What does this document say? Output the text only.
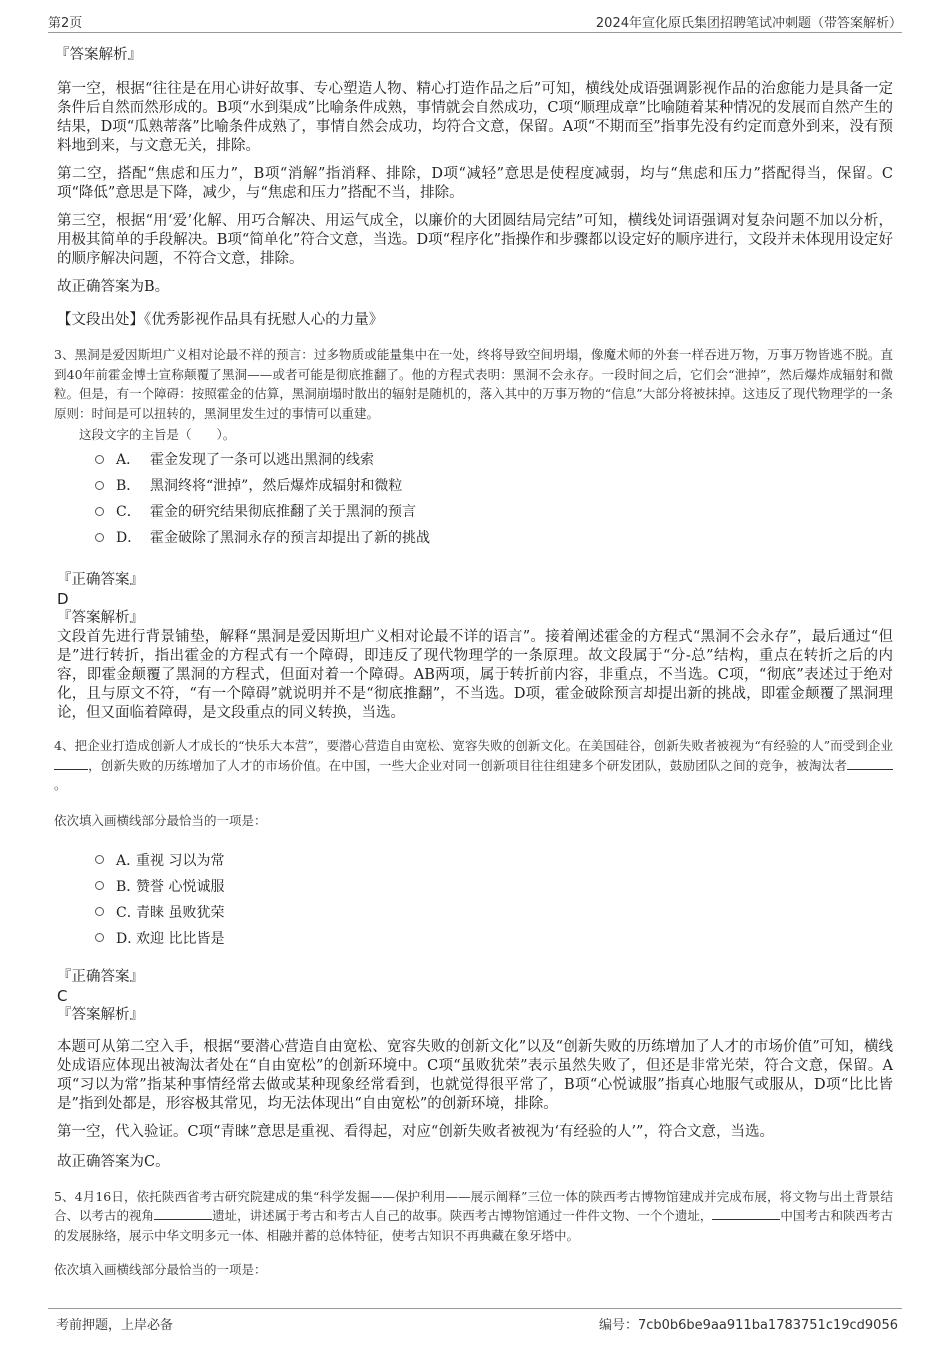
第2页	2024年宣化原氏集团招聘笔试冲刺题（带答案解析）

『答案解析』

第一空，根据“往往是在用心讲好故事、专心塑造人物、精心打造作品之后”可知，横线处成语强调影视作品的治愈能力是具备一定条件后自然而然形成的。B项“水到渠成”比喻条件成熟，事情就会自然成功，C项“顺理成章”比喻随着某种情况的发展而自然产生的结果，D项“瓜熟蒂落”比喻条件成熟了，事情自然会成功，均符合文意，保留。A项“不期而至”指事先没有约定而意外到来，没有预料地到来，与文意无关，排除。

第二空，搭配“焦虑和压力”，B项“消解”指消释、排除，D项“减轻”意思是使程度减弱，均与“焦虑和压力”搭配得当，保留。C项“降低”意思是下降，减少，与“焦虑和压力”搭配不当，排除。

第三空，根据“用‘爱’化解、用巧合解决、用运气成全，以廉价的大团圆结局完结”可知，横线处词语强调对复杂问题不加以分析，用极其简单的手段解决。B项“简单化”符合文意，当选。D项“程序化”指操作和步骤都以设定好的顺序进行，文段并未体现用设定好的顺序解决问题，不符合文意，排除。

故正确答案为B。

【文段出处】《优秀影视作品具有抚慰人心的力量》

3、黑洞是爱因斯坦广义相对论最不祥的预言：过多物质或能量集中在一处，终将导致空间坍塌，像魔术师的外套一样吞进万物，万事万物皆逃不脱。直到40年前霍金博士宣称颠覆了黑洞——或者可能是彻底推翻了。他的方程式表明：黑洞不会永存。一段时间之后，它们会“泄掉”，然后爆炸成辐射和微粒。但是，有一个障碍：按照霍金的估算，黑洞崩塌时散出的辐射是随机的，落入其中的万事万物的“信息”大部分将被抹掉。这违反了现代物理学的一条原则：时间是可以扭转的，黑洞里发生过的事情可以重建。

这段文字的主旨是（　　）。

A． 霍金发现了一条可以逃出黑洞的线索
B． 黑洞终将“泄掉”，然后爆炸成辐射和微粒
C． 霍金的研究结果彻底推翻了关于黑洞的预言
D． 霍金破除了黑洞永存的预言却提出了新的挑战

『正确答案』

D

『答案解析』

文段首先进行背景铺垫，解释“黑洞是爱因斯坦广义相对论最不详的语言”。接着阐述霍金的方程式“黑洞不会永存”，最后通过“但是”进行转折，指出霍金的方程式有一个障碍，即违反了现代物理学的一条原理。故文段属于“分-总”结构，重点在转折之后的内容，即霍金颠覆了黑洞的方程式，但面对着一个障碍。AB两项，属于转折前内容，非重点，不当选。C项，“彻底”表述过于绝对化，且与原文不符，“有一个障碍”就说明并不是“彻底推翻”，不当选。D项，霍金破除预言却提出新的挑战，即霍金颠覆了黑洞理论，但又面临着障碍，是文段重点的同义转换，当选。

4、把企业打造成创新人才成长的“快乐大本营”，要潜心营造自由宽松、宽容失败的创新文化。在美国硅谷，创新失败者被视为“有经验的人”而受到企业，创新失败的历练增加了人才的市场价值。在中国，一些大企业对同一创新项目往往组建多个研发团队，鼓励团队之间的竞争，被淘汰者。

依次填入画横线部分最恰当的一项是：

A．
重视 习以为常
B．
赞誉 心悦诚服
C．
青睐 虽败犹荣
D．
欢迎 比比皆是

『正确答案』

C

『答案解析』

本题可从第二空入手，根据“要潜心营造自由宽松、宽容失败的创新文化”以及“创新失败的历练增加了人才的市场价值”可知，横线处成语应体现出被淘汰者处在“自由宽松”的创新环境中。C项“虽败犹荣”表示虽然失败了，但还是非常光荣，符合文意，保留。A项“习以为常”指某种事情经常去做或某种现象经常看到，也就觉得很平常了，B项“心悦诚服”指真心地服气或服从，D项“比比皆是”指到处都是，形容极其常见，均无法体现出“自由宽松”的创新环境，排除。

第一空，代入验证。C项“青睐”意思是重视、看得起，对应“创新失败者被视为‘有经验的人’”，符合文意，当选。

故正确答案为C。

5、4月16日，依托陕西省考古研究院建成的集“科学发掘——保护利用——展示阐释”三位一体的陕西考古博物馆建成并完成布展，将文物与出土背景结合、以考古的视角	遗址，讲述属于考古和考古人自己的故事。陕西考古博物馆通过一件件文物、一个个遗址，	中国考古和陕西考古的发展脉络，展示中华文明多元一体、相融并蓄的总体特征，使考古知识不再典藏在象牙塔中。

依次填入画横线部分最恰当的一项是：

考前押题，上岸必备	编号：7cb0b6be9aa911ba1783751c19cd9056
